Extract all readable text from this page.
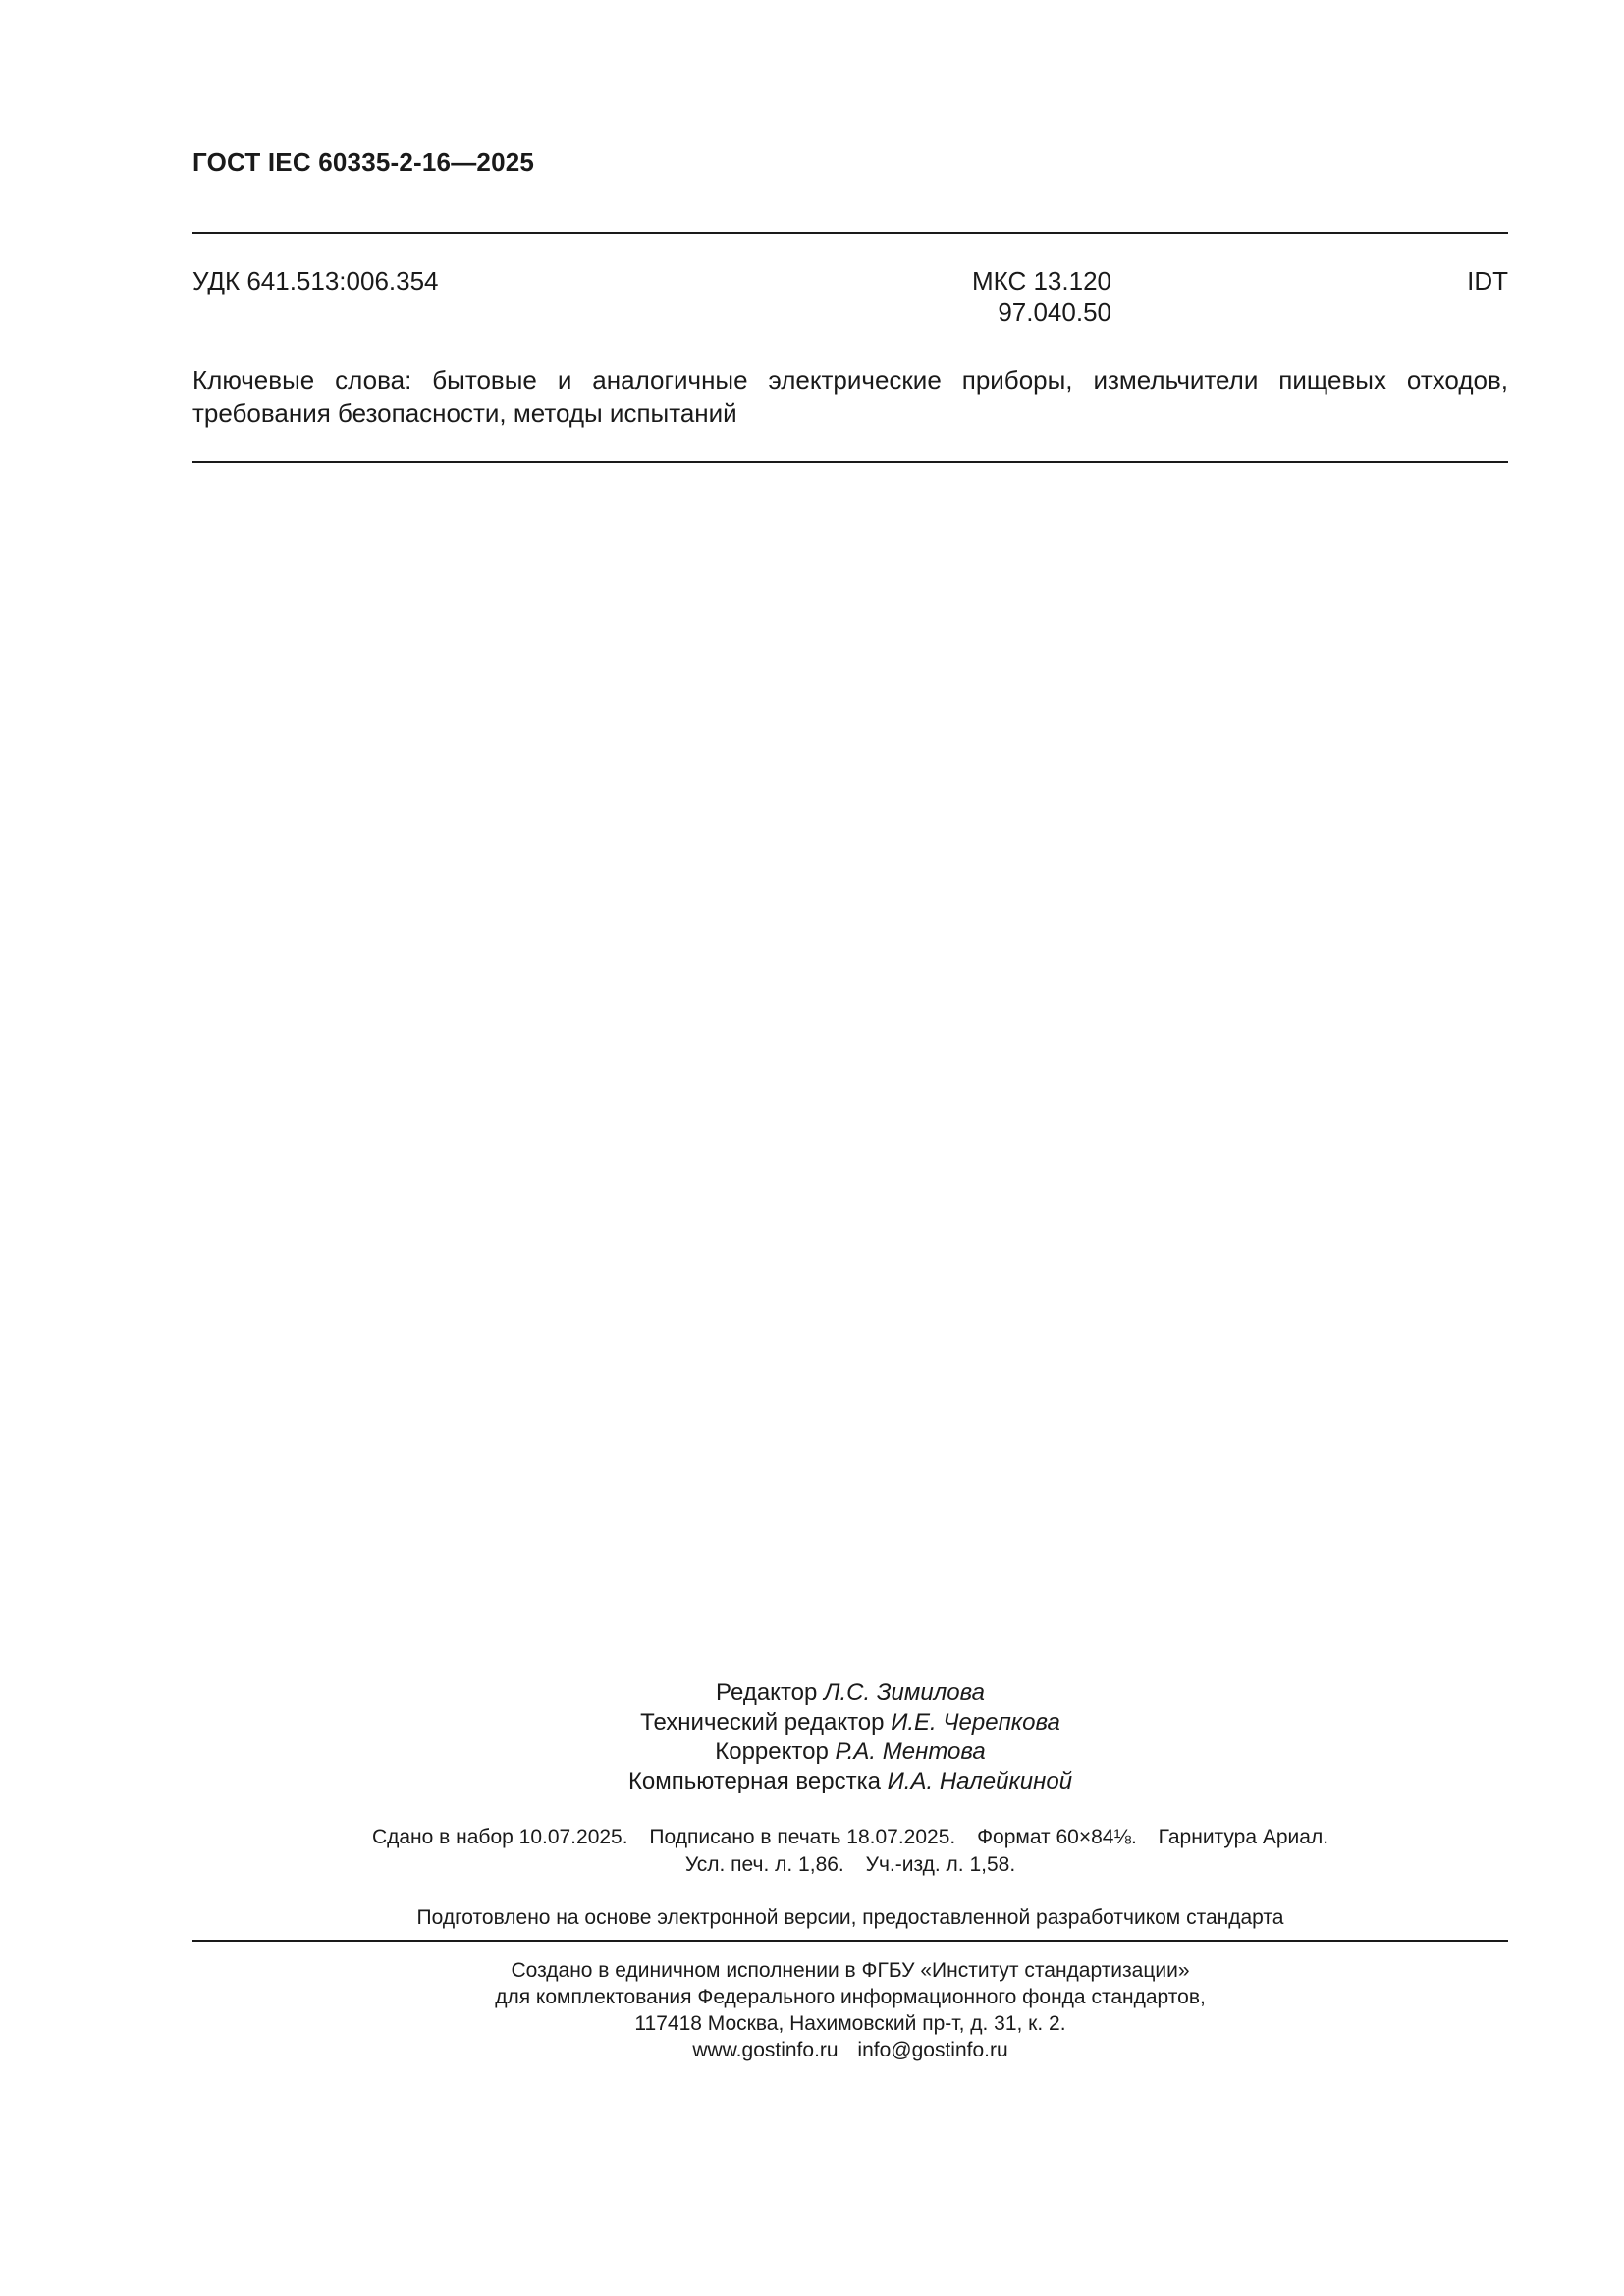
ГОСТ IEC 60335-2-16—2025
УДК 641.513:006.354	МКС 13.120
97.040.50
IDT
Ключевые слова: бытовые и аналогичные электрические приборы, измельчители пищевых отходов, требования безопасности, методы испытаний
Редактор Л.С. Зимилова
Технический редактор И.Е. Черепкова
Корректор Р.А. Ментова
Компьютерная верстка И.А. Налейкиной
Сдано в набор 10.07.2025. Подписано в печать 18.07.2025. Формат 60×84⅛. Гарнитура Ариал.
Усл. печ. л. 1,86. Уч.-изд. л. 1,58.
Подготовлено на основе электронной версии, предоставленной разработчиком стандарта
Создано в единичном исполнении в ФГБУ «Институт стандартизации»
для комплектования Федерального информационного фонда стандартов,
117418 Москва, Нахимовский пр-т, д. 31, к. 2.
www.gostinfo.ru info@gostinfo.ru
